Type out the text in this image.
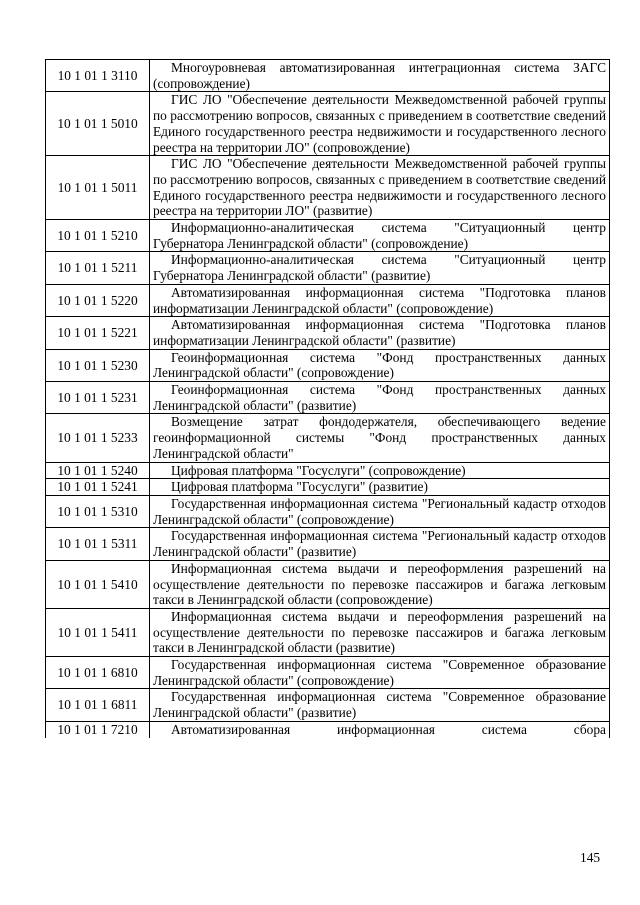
10 1 01 1 3110	Многоуровневая автоматизированная интеграционная система ЗАГС (сопровождение)
10 1 01 1 5010	ГИС ЛО "Обеспечение деятельности Межведомственной рабочей группы по рассмотрению вопросов, связанных с приведением в соответствие сведений Единого государственного реестра недвижимости и государственного лесного реестра на территории ЛО" (сопровождение)
10 1 01 1 5011	ГИС ЛО "Обеспечение деятельности Межведомственной рабочей группы по рассмотрению вопросов, связанных с приведением в соответствие сведений Единого государственного реестра недвижимости и государственного лесного реестра на территории ЛО" (развитие)
10 1 01 1 5210	Информационно-аналитическая система "Ситуационный центр Губернатора Ленинградской области" (сопровождение)
10 1 01 1 5211	Информационно-аналитическая система "Ситуационный центр Губернатора Ленинградской области" (развитие)
10 1 01 1 5220	Автоматизированная информационная система "Подготовка планов информатизации Ленинградской области" (сопровождение)
10 1 01 1 5221	Автоматизированная информационная система "Подготовка планов информатизации Ленинградской области" (развитие)
10 1 01 1 5230	Геоинформационная система "Фонд пространственных данных Ленинградской области" (сопровождение)
10 1 01 1 5231	Геоинформационная система "Фонд пространственных данных Ленинградской области" (развитие)
10 1 01 1 5233	Возмещение затрат фондодержателя, обеспечивающего ведение геоинформационной системы "Фонд пространственных данных Ленинградской области"
10 1 01 1 5240	Цифровая платформа "Госуслуги" (сопровождение)
10 1 01 1 5241	Цифровая платформа "Госуслуги" (развитие)
10 1 01 1 5310	Государственная информационная система "Региональный кадастр отходов Ленинградской области" (сопровождение)
10 1 01 1 5311	Государственная информационная система "Региональный кадастр отходов Ленинградской области" (развитие)
10 1 01 1 5410	Информационная система выдачи и переоформления разрешений на осуществление деятельности по перевозке пассажиров и багажа легковым такси в Ленинградской области (сопровождение)
10 1 01 1 5411	Информационная система выдачи и переоформления разрешений на осуществление деятельности по перевозке пассажиров и багажа легковым такси в Ленинградской области (развитие)
10 1 01 1 6810	Государственная информационная система "Современное образование Ленинградской области" (сопровождение)
10 1 01 1 6811	Государственная информационная система "Современное образование Ленинградской области" (развитие)
10 1 01 1 7210	Автоматизированная информационная система сбора
145
